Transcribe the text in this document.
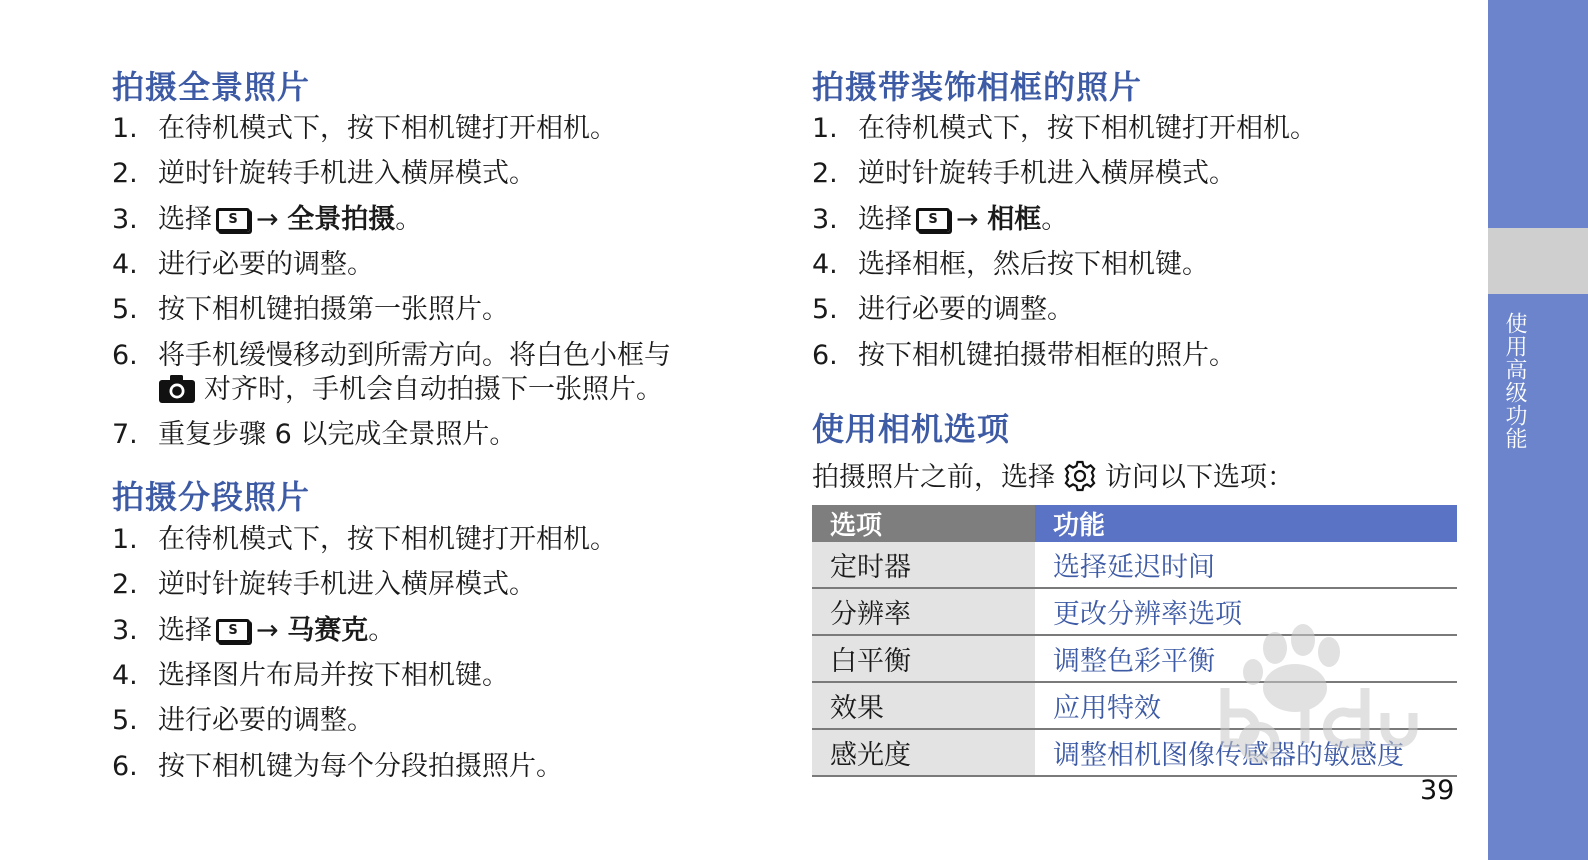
拍摄全景照片
1. 在待机模式下，按下相机键打开相机。
2. 逆时针旋转手机进入横屏模式。
3. 选择	S → 全景拍摄。
4. 进行必要的调整。
5. 按下相机键拍摄第一张照片。
6. 将手机缓慢移动到所需方向。将白色小框与
对齐时，手机会自动拍摄下一张照片。
7. 重复步骤 6 以完成全景照片。
拍摄分段照片
1. 在待机模式下，按下相机键打开相机。
2. 逆时针旋转手机进入横屏模式。
3. 选择	S → 马赛克。
4. 选择图片布局并按下相机键。
5. 进行必要的调整。
6. 按下相机键为每个分段拍摄照片。
拍摄带装饰相框的照片
1. 在待机模式下，按下相机键打开相机。
2. 逆时针旋转手机进入横屏模式。
3. 选择	S → 相框。
4. 选择相框，然后按下相机键。
5. 进行必要的调整。
6. 按下相机键拍摄带相框的照片。
使用相机选项
拍摄照片之前，选择 访问以下选项：
选项	功能
定时器	选择延迟时间
分辨率	更改分辨率选项
白平衡	调整色彩平衡
效果	应用特效
感光度	调整相机图像传感器的敏感度
39
使用高级功能
